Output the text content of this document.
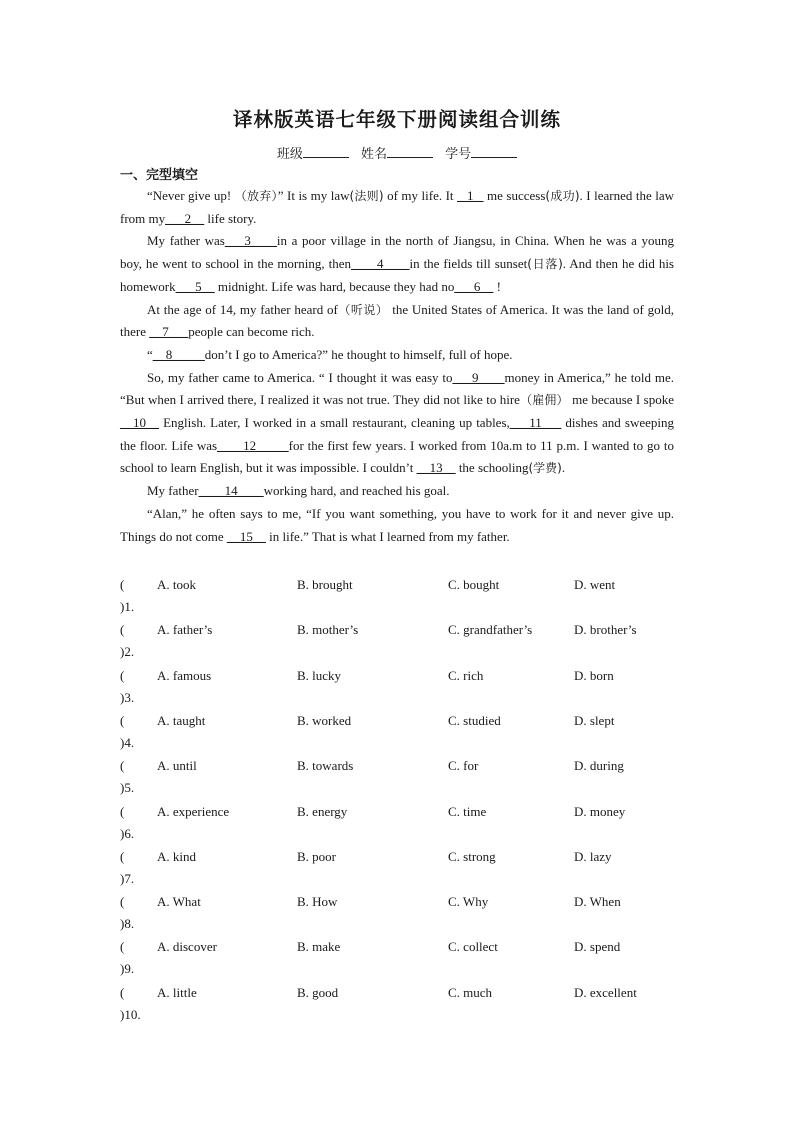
译林版英语七年级下册阅读组合训练
班级	姓名	学号
一、完型填空

“Never give up! （放弃）” It is my law(法则) of my life. It  _1_  me success(成功). I learned the law from my___2__ life story.

My father was___3____in a poor village in the north of Jiangsu, in China. When he was a young boy, he went to school in the morning, then____4____in the fields till sunset(日落). And then he did his homework___5__ midnight. Life was hard, because they had no___6__ !

At the age of 14, my father heard of（听说） the United States of America. It was the land of gold, there __7___people can become rich.

“__8_____don’t I go to America?” he thought to himself, full of hope.

So, my father came to America. “ I thought it was easy to___9____money in America,” he told me. “But when I arrived there, I realized it was not true. They did not like to hire（雇佣） me because I spoke __10__ English. Later, I worked in a small restaurant, cleaning up tables,___11___ dishes and sweeping the floor. Life was____12_____for the first few years. I worked from 10a.m to 11 p.m. I wanted to go to school to learn English, but it was impossible. I couldn’t __13__ the schooling(学费).

My father____14____working hard, and reached his goal.

“Alan,” he often says to me, “If you want something, you have to work for it and never give up. Things do not come __15__ in life.” That is what I learned from my father.

(	A. took	B. brought	C. bought	D. went
)1.
(	A. father’s	B. mother’s	C. grandfather’s	D. brother’s
)2.
(	A. famous	B. lucky	C. rich	D. born
)3.
(	A. taught	B. worked	C. studied	D. slept
)4.
(	A. until	B. towards	C. for	D. during
)5.
(	A. experience	B. energy	C. time	D. money
)6.
(	A. kind	B. poor	C. strong	D. lazy
)7.
(	A. What	B. How	C. Why	D. When
)8.
(	A. discover	B. make	C. collect	D. spend
)9.
(	A. little	B. good	C. much	D. excellent
)10.
